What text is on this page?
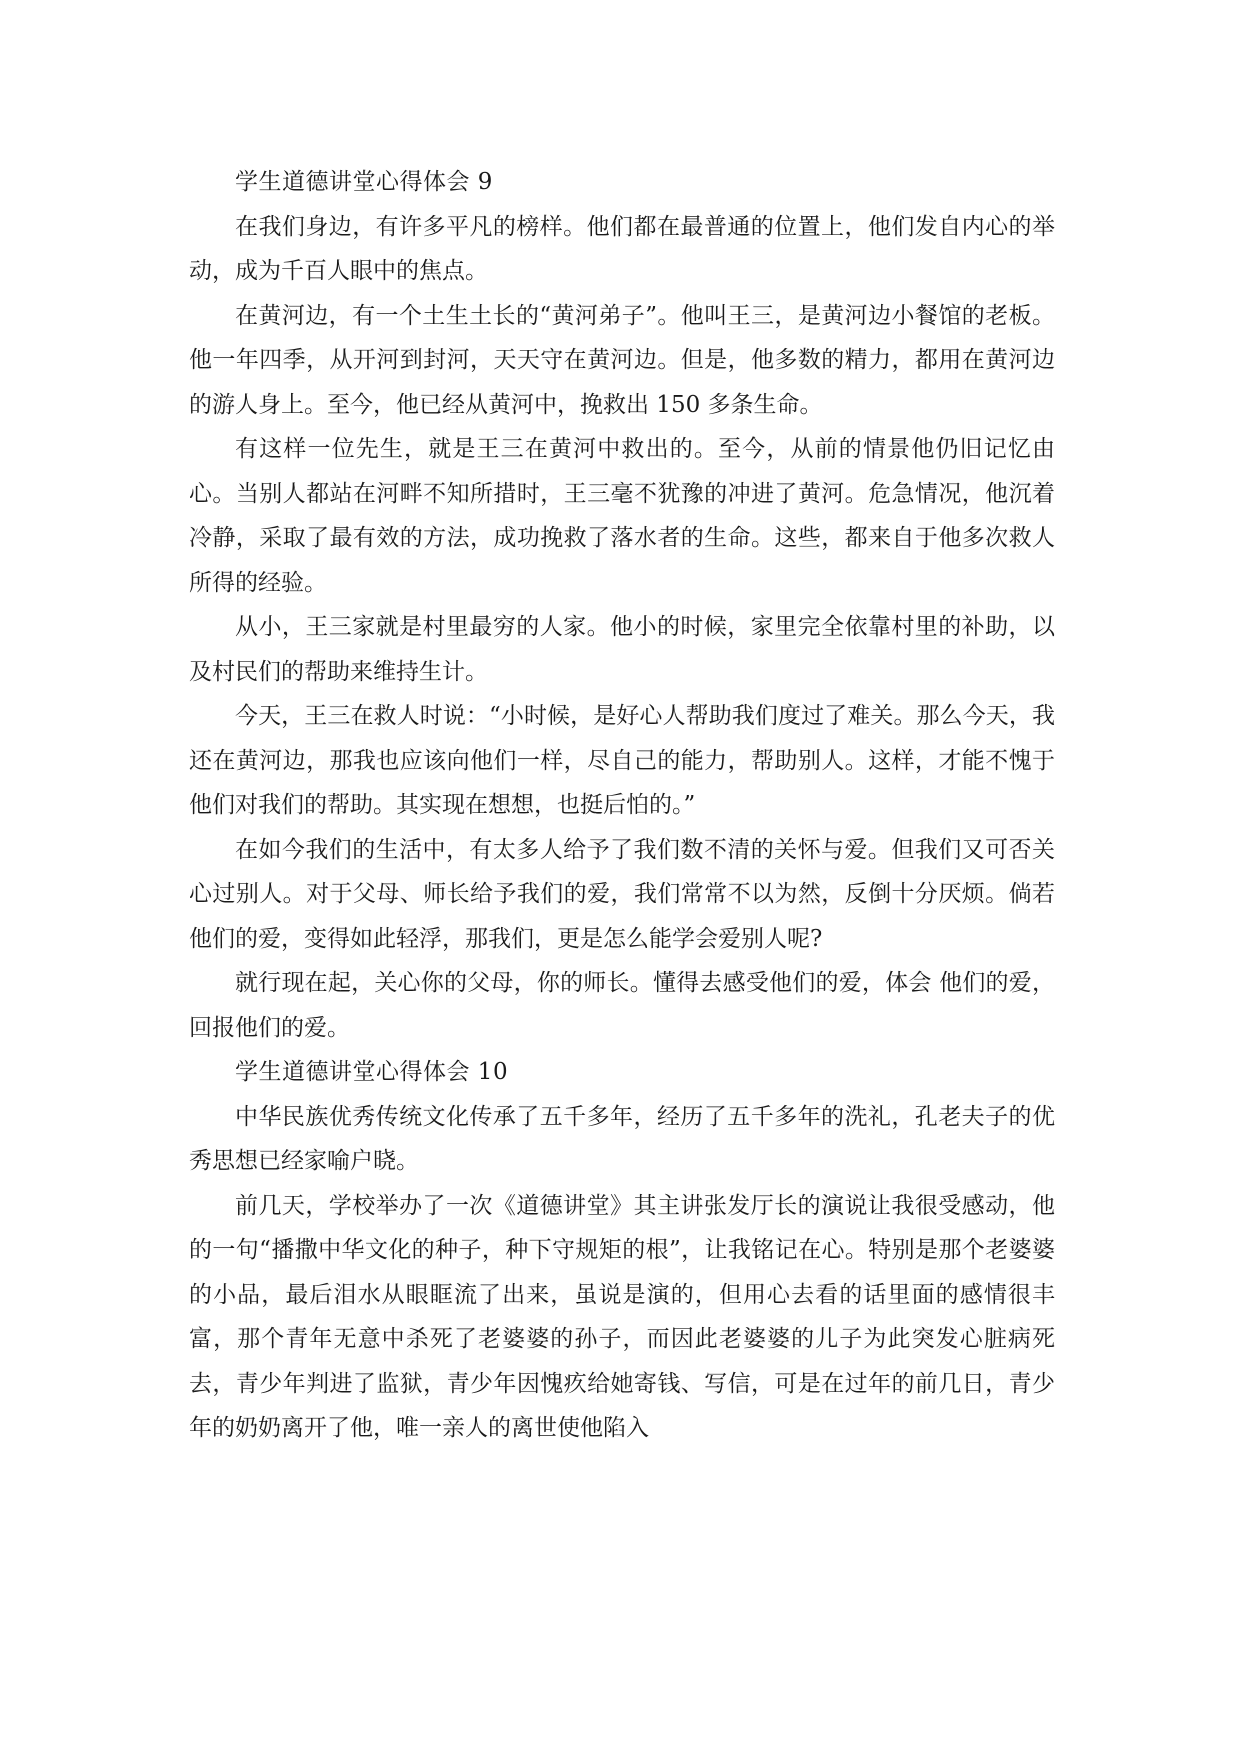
学生道德讲堂心得体会 9

在我们身边，有许多平凡的榜样。他们都在最普通的位置上，他们发自内心的举动，成为千百人眼中的焦点。

在黄河边，有一个土生土长的“黄河弟子”。他叫王三，是黄河边小餐馆的老板。他一年四季，从开河到封河，天天守在黄河边。但是，他多数的精力，都用在黄河边的游人身上。至今，他已经从黄河中，挽救出 150 多条生命。

有这样一位先生，就是王三在黄河中救出的。至今，从前的情景他仍旧记忆由心。当别人都站在河畔不知所措时，王三毫不犹豫的冲进了黄河。危急情况，他沉着冷静，采取了最有效的方法，成功挽救了落水者的生命。这些，都来自于他多次救人所得的经验。

从小，王三家就是村里最穷的人家。他小的时候，家里完全依靠村里的补助，以及村民们的帮助来维持生计。

今天，王三在救人时说：“小时候，是好心人帮助我们度过了难关。那么今天，我还在黄河边，那我也应该向他们一样，尽自己的能力，帮助别人。这样，才能不愧于他们对我们的帮助。其实现在想想，也挺后怕的。”

在如今我们的生活中，有太多人给予了我们数不清的关怀与爱。但我们又可否关心过别人。对于父母、师长给予我们的爱，我们常常不以为然，反倒十分厌烦。倘若他们的爱，变得如此轻浮，那我们，更是怎么能学会爱别人呢?

就行现在起，关心你的父母，你的师长。懂得去感受他们的爱，体会 他们的爱，回报他们的爱。

学生道德讲堂心得体会 10

中华民族优秀传统文化传承了五千多年，经历了五千多年的洗礼，孔老夫子的优秀思想已经家喻户晓。

前几天，学校举办了一次《道德讲堂》其主讲张发厅长的演说让我很受感动，他的一句“播撒中华文化的种子，种下守规矩的根”，让我铭记在心。特别是那个老婆婆的小品，最后泪水从眼眶流了出来，虽说是演的，但用心去看的话里面的感情很丰富，那个青年无意中杀死了老婆婆的孙子，而因此老婆婆的儿子为此突发心脏病死去，青少年判进了监狱，青少年因愧疚给她寄钱、写信，可是在过年的前几日，青少年的奶奶离开了他，唯一亲人的离世使他陷入
